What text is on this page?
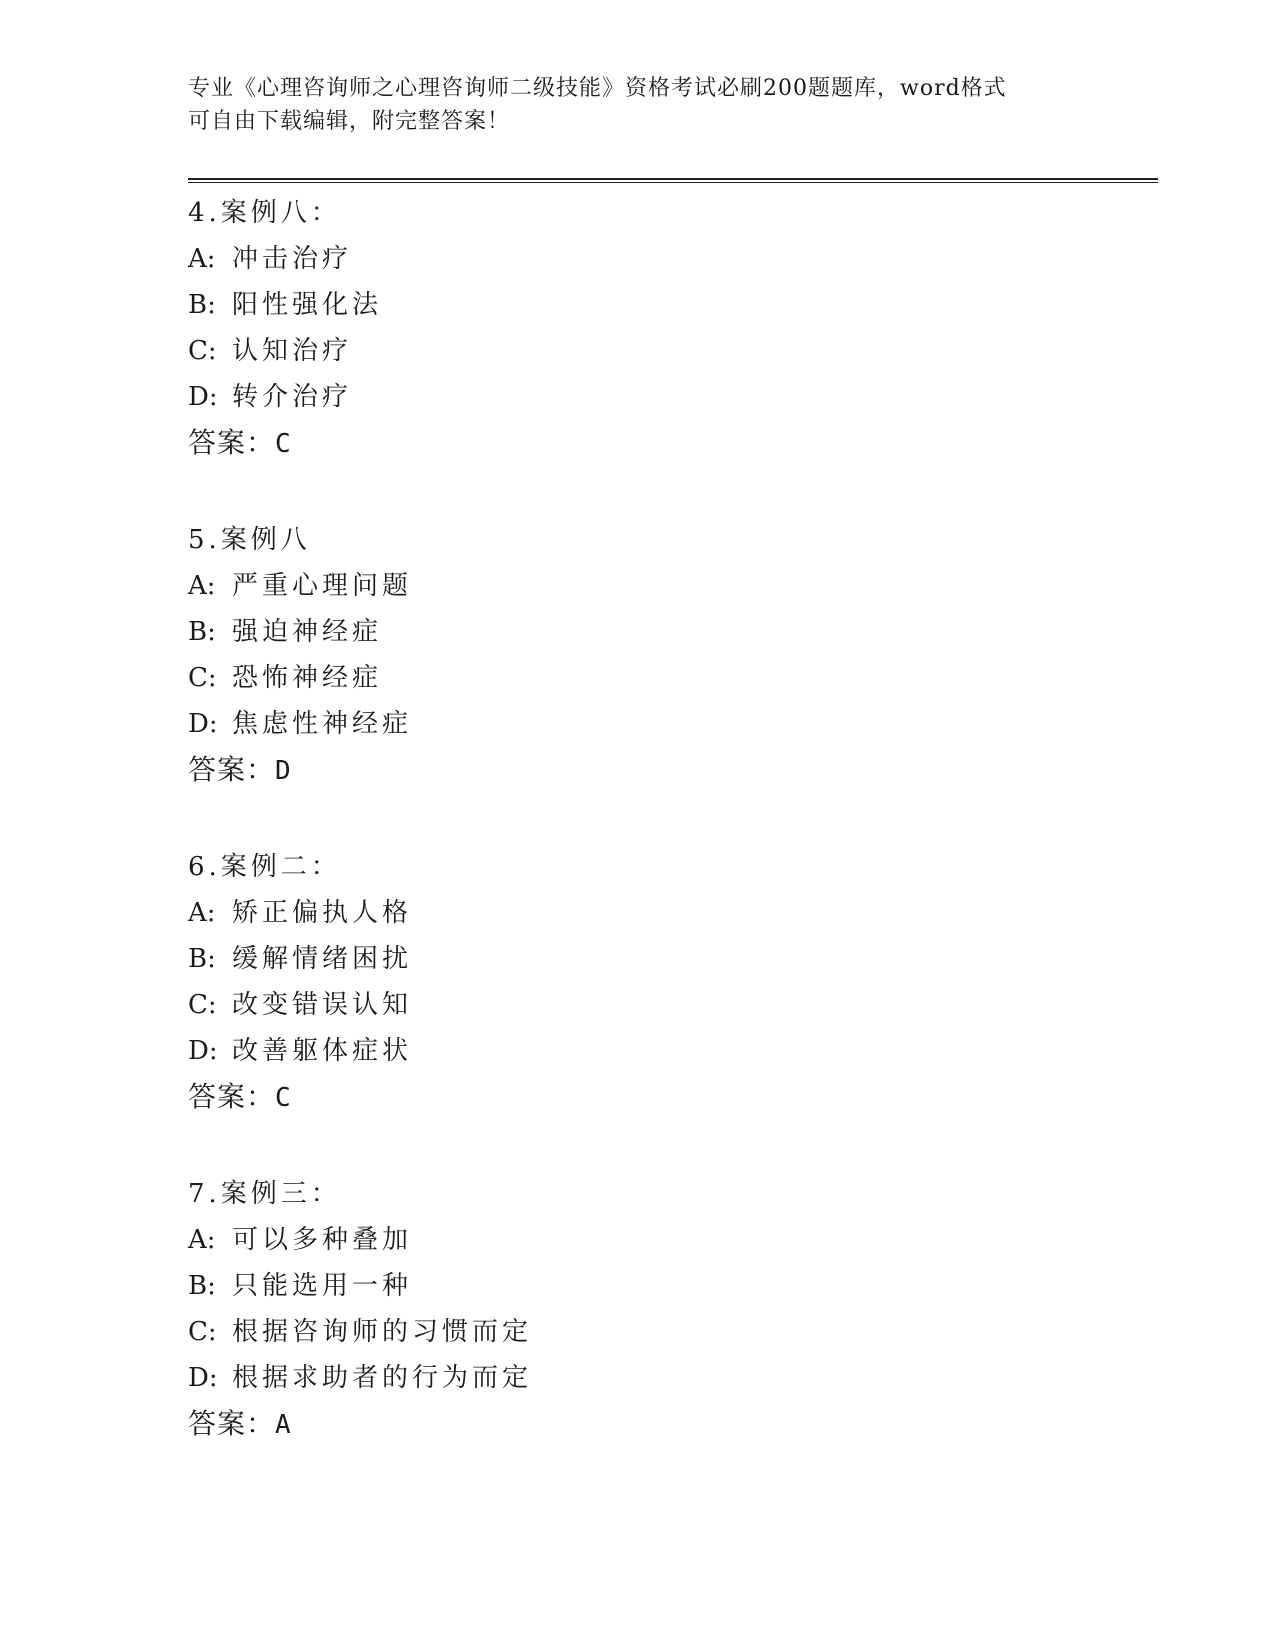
专业《心理咨询师之心理咨询师二级技能》资格考试必刷200题题库，word格式
可自由下载编辑，附完整答案！
4.案例八：
A: 冲击治疗
B: 阳性强化法
C: 认知治疗
D: 转介治疗
答案：C
5.案例八
A: 严重心理问题
B: 强迫神经症
C: 恐怖神经症
D: 焦虑性神经症
答案：D
6.案例二：
A: 矫正偏执人格
B: 缓解情绪困扰
C: 改变错误认知
D: 改善躯体症状
答案：C
7.案例三：
A: 可以多种叠加
B: 只能选用一种
C: 根据咨询师的习惯而定
D: 根据求助者的行为而定
答案：A
